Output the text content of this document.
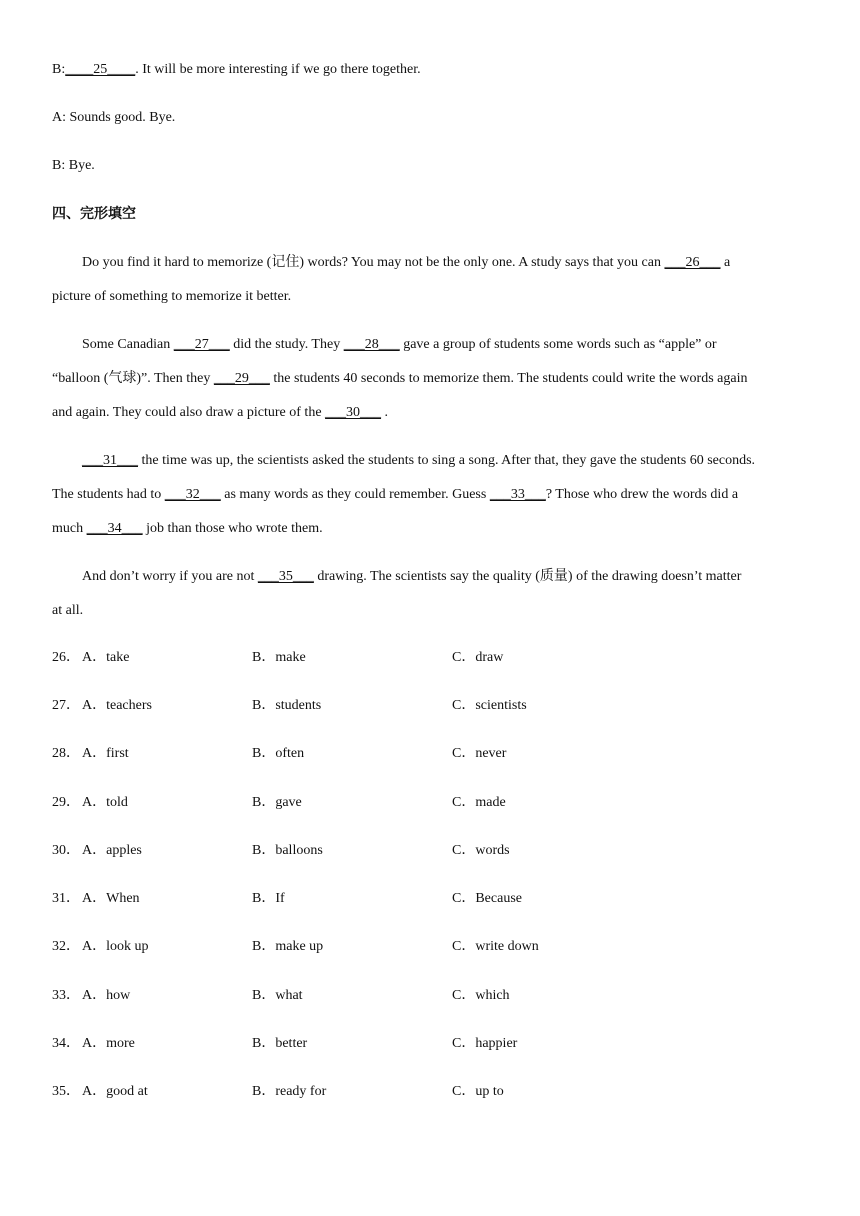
B:____25____. It will be more interesting if we go there together.
A: Sounds good. Bye.
B: Bye.
四、完形填空
Do you find it hard to memorize (记住) words? You may not be the only one. A study says that you can ___26___ a
picture of something to memorize it better.
Some Canadian ___27___ did the study. They ___28___ gave a group of students some words such as “apple” or
“balloon (气球)”. Then they ___29___ the students 40 seconds to memorize them. The students could write the words again
and again. They could also draw a picture of the ___30___ .
___31___ the time was up, the scientists asked the students to sing a song. After that, they gave the students 60 seconds.
The students had to ___32___ as many words as they could remember. Guess ___33___? Those who drew the words did a
much ___34___ job than those who wrote them.
And don’t worry if you are not ___35___ drawing. The scientists say the quality (质量) of the drawing doesn’t matter
at all.
26． A．take	B．make	C．draw
27． A．teachers	B．students	C．scientists
28． A．first	B．often	C．never
29． A．told	B．gave	C．made
30． A．apples	B．balloons	C．words
31． A．When	B．If	C．Because
32． A．look up	B．make up	C．write down
33． A．how	B．what	C．which
34． A．more	B．better	C．happier
35． A．good at	B．ready for	C．up to
